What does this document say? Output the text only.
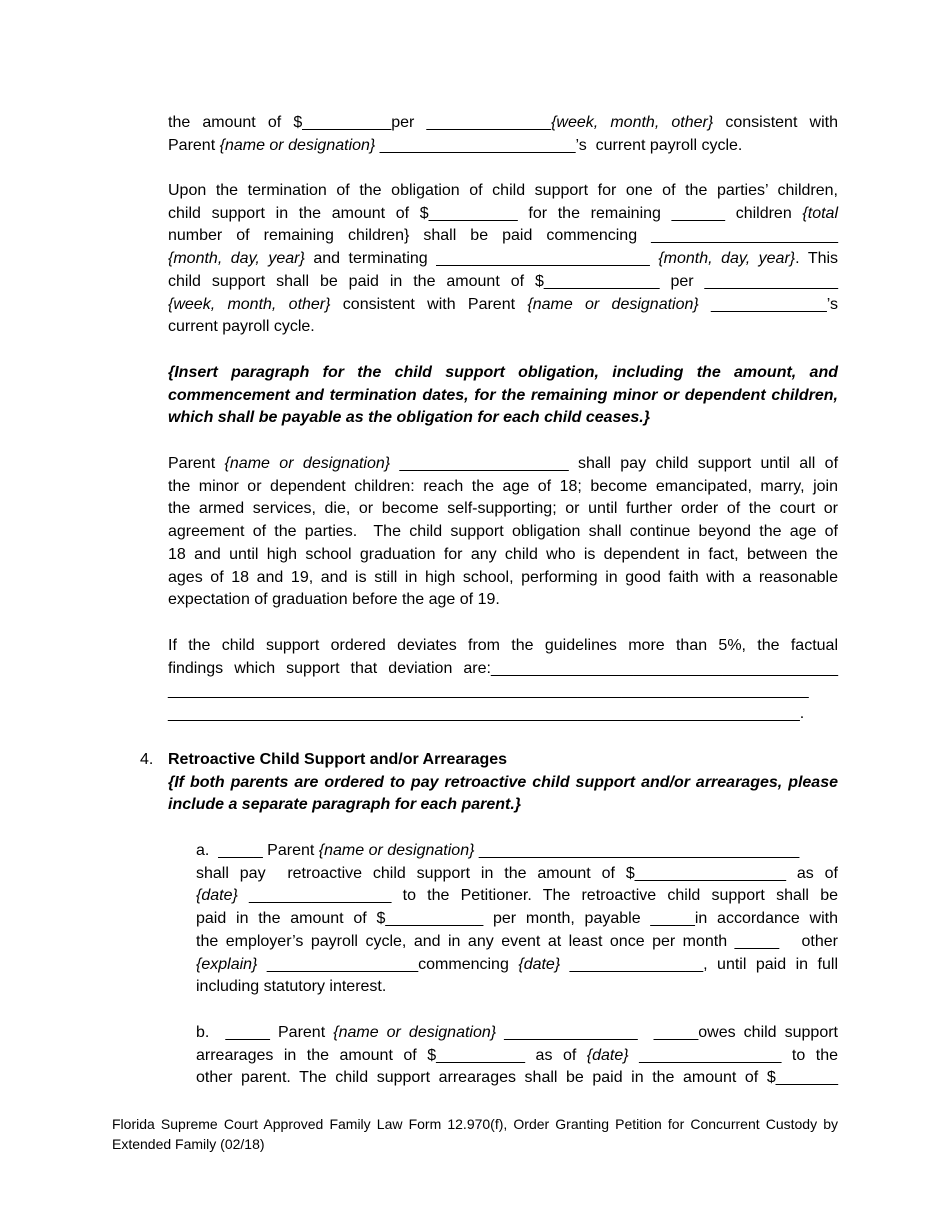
the amount of $__________per ______________{week, month, other} consistent with
Parent {name or designation} ______________________’s  current payroll cycle.
Upon the termination of the obligation of child support for one of the parties’ children,
child support in the amount of $__________ for the remaining ______ children {total
number of remaining children} shall be paid commencing _____________________
{month, day, year} and terminating ________________________ {month, day, year}. This
child support shall be paid in the amount of $_____________ per _______________
{week, month, other} consistent with Parent {name or designation} _____________’s
current payroll cycle.
{Insert paragraph for the child support obligation, including the amount, and
commencement and termination dates, for the remaining minor or dependent children,
which shall be payable as the obligation for each child ceases.}
Parent {name or designation} ___________________ shall pay child support until all of
the minor or dependent children: reach the age of 18; become emancipated, marry, join
the armed services, die, or become self-supporting; or until further order of the court or
agreement of the parties.  The child support obligation shall continue beyond the age of
18 and until high school graduation for any child who is dependent in fact, between the
ages of 18 and 19, and is still in high school, performing in good faith with a reasonable
expectation of graduation before the age of 19.
If the child support ordered deviates from the guidelines more than 5%, the factual
findings which support that deviation are:_______________________________________
________________________________________________________________________
_______________________________________________________________________.
4. Retroactive Child Support and/or Arrearages
{If both parents are ordered to pay retroactive child support and/or arrearages, please
include a separate paragraph for each parent.}
a.  _____ Parent {name or designation} ____________________________________
shall pay  retroactive child support in the amount of $_________________ as of
{date} ________________ to the Petitioner. The retroactive child support shall be
paid in the amount of $___________ per month, payable _____in accordance with
the employer’s payroll cycle, and in any event at least once per month _____   other
{explain} _________________commencing {date} _______________, until paid in full
including statutory interest.
b.  _____ Parent {name or designation} _______________  _____owes child support
arrearages in the amount of $__________ as of {date} ________________ to the
other parent. The child support arrearages shall be paid in the amount of $_______
Florida Supreme Court Approved Family Law Form 12.970(f), Order Granting Petition for Concurrent Custody by
Extended Family (02/18)
